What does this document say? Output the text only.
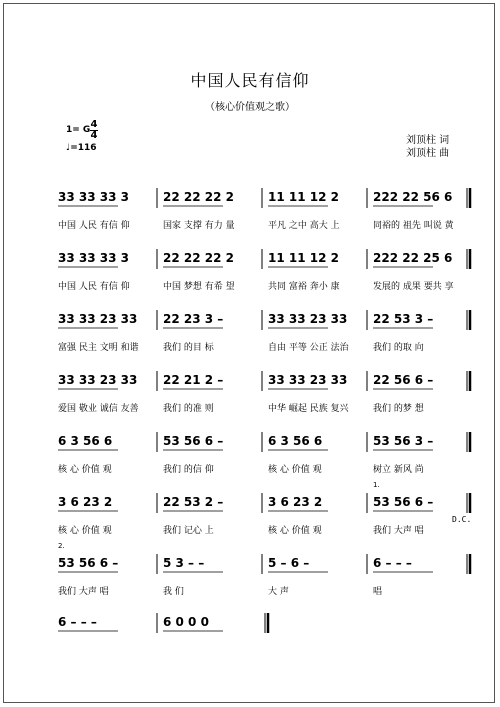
中国人民有信仰
（核心价值观之歌）
1= G 4
4
♩=116
刘顶柱 词
刘顶柱 曲
33 33 33 3
中国 人民 有信 仰
22 22 22 2
国家 支撑 有力 量
11 11 12 2
平凡 之中 高大 上
222 22 56 6
同裕的 祖先 叫说 黄
33 33 33 3
中国 人民 有信 仰
22 22 22 2
中国 梦想 有希 望
11 11 12 2
共同 富裕 奔小 康
222 22 25 6
发展的 成果 要共 享
33 33 23 33
富强 民主 文明 和谐
22 23 3 –
我们 的目 标
33 33 23 33
自由 平等 公正 法治
22 53 3 –
我们 的取 向
33 33 23 33
爱国 敬业 诚信 友善
22 21 2 –
我们 的准 则
33 33 23 33
中华 崛起 民族 复兴
22 56 6 –
我们 的梦 想
6 3 56 6
核 心 价值 观
53 56 6 –
我们 的信 仰
6 3 56 6
核 心 价值 观
53 56 3 –
树立 新风 尚
3 6 23 2
核 心 价值 观
22 53 2 –
我们 记心 上
3 6 23 2
核 心 价值 观
53 56 6 –
我们 大声 唱
1.
D.C.
53 56 6 –
我们 大声 唱
5 3 – –
我 们
5 – 6 –
大 声
6 – – –
唱
2.
6 – – –	6 0 0 0
